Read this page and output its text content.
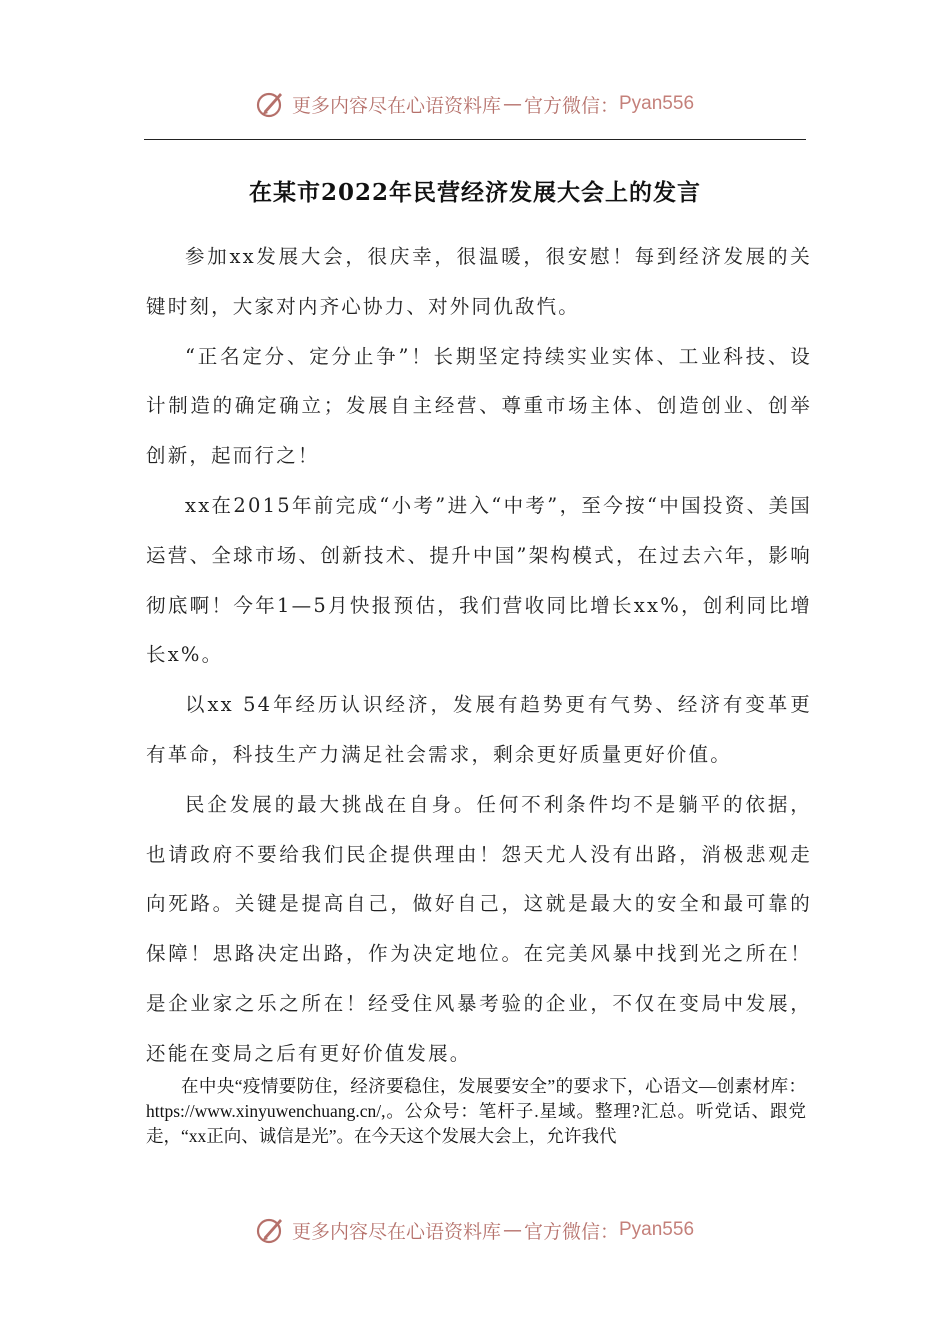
更多内容尽在心语资料库 — 官方微信： Pyan556
在某市2022年民营经济发展大会上的发言

参加xx发展大会，很庆幸，很温暖，很安慰！每到经济发展的关键时刻，大家对内齐心协力、对外同仇敌忾。

“正名定分、定分止争”！长期坚定持续实业实体、工业科技、设计制造的确定确立；发展自主经营、尊重市场主体、创造创业、创举创新，起而行之！

xx在2015年前完成“小考”进入“中考”，至今按“中国投资、美国运营、全球市场、创新技术、提升中国”架构模式，在过去六年，影响彻底啊！今年1—5月快报预估，我们营收同比增长xx%，创利同比增长x%。

以xx 54年经历认识经济，发展有趋势更有气势、经济有变革更有革命，科技生产力满足社会需求，剩余更好质量更好价值。

民企发展的最大挑战在自身。任何不利条件均不是躺平的依据，也请政府不要给我们民企提供理由！怨天尤人没有出路，消极悲观走向死路。关键是提高自己，做好自己，这就是最大的安全和最可靠的保障！思路决定出路，作为决定地位。在完美风暴中找到光之所在！是企业家之乐之所在！经受住风暴考验的企业，不仅在变局中发展，还能在变局之后有更好价值发展。

在中央“疫情要防住，经济要稳住，发展要安全”的要求下，心语文—创素材库：https://www.xinyuwenchuang.cn/,。公众号：笔杆子.星域。整理?汇总。听党话、跟党走，“xx正向、诚信是光”。在今天这个发展大会上，允许我代

更多内容尽在心语资料库 — 官方微信： Pyan556
